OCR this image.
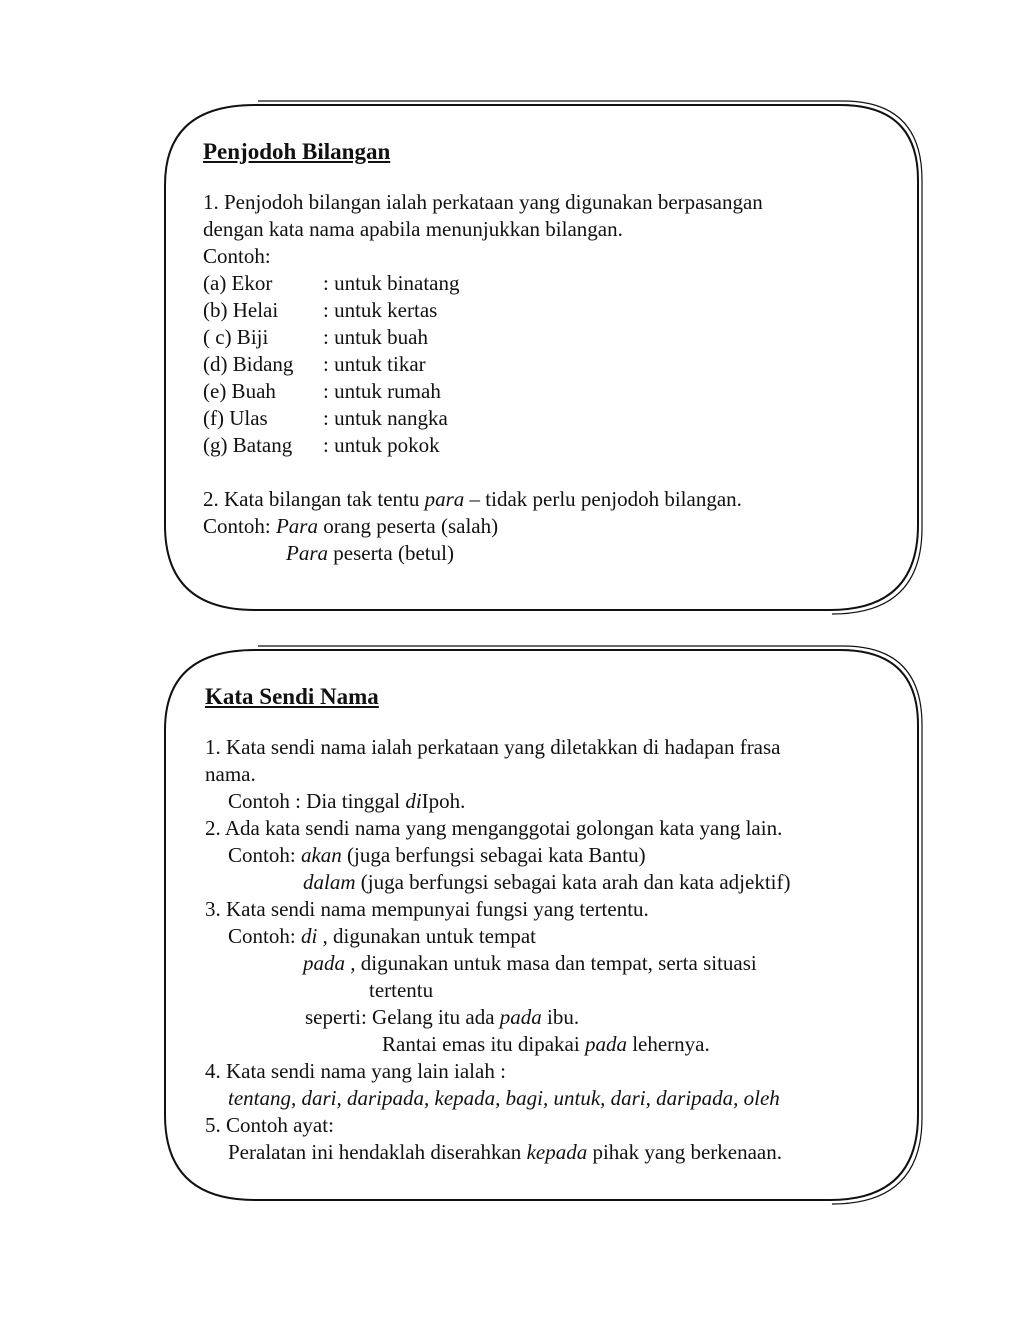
Penjodoh Bilangan
1. Penjodoh bilangan ialah perkataan yang digunakan berpasangan
dengan kata nama apabila menunjukkan bilangan.
Contoh:
(a) Ekor	: untuk binatang
(b) Helai	: untuk kertas
( c) Biji	: untuk buah
(d) Bidang	: untuk tikar
(e) Buah	: untuk rumah
(f) Ulas	: untuk nangka
(g) Batang	: untuk pokok
2. Kata bilangan tak tentu para – tidak perlu penjodoh bilangan.
Contoh: Para orang peserta (salah)
Para peserta (betul)
Kata Sendi Nama
1. Kata sendi nama ialah perkataan yang diletakkan di hadapan frasa
nama.
Contoh : Dia tinggal diIpoh.
2. Ada kata sendi nama yang menganggotai golongan kata yang lain.
Contoh: akan (juga berfungsi sebagai kata Bantu)
dalam (juga berfungsi sebagai kata arah dan kata adjektif)
3. Kata sendi nama mempunyai fungsi yang tertentu.
Contoh: di , digunakan untuk tempat
pada , digunakan untuk masa dan tempat, serta situasi
tertentu
seperti: Gelang itu ada pada ibu.
Rantai emas itu dipakai pada lehernya.
4. Kata sendi nama yang lain ialah :
tentang, dari, daripada, kepada, bagi, untuk, dari, daripada, oleh
5. Contoh ayat:
Peralatan ini hendaklah diserahkan kepada pihak yang berkenaan.
